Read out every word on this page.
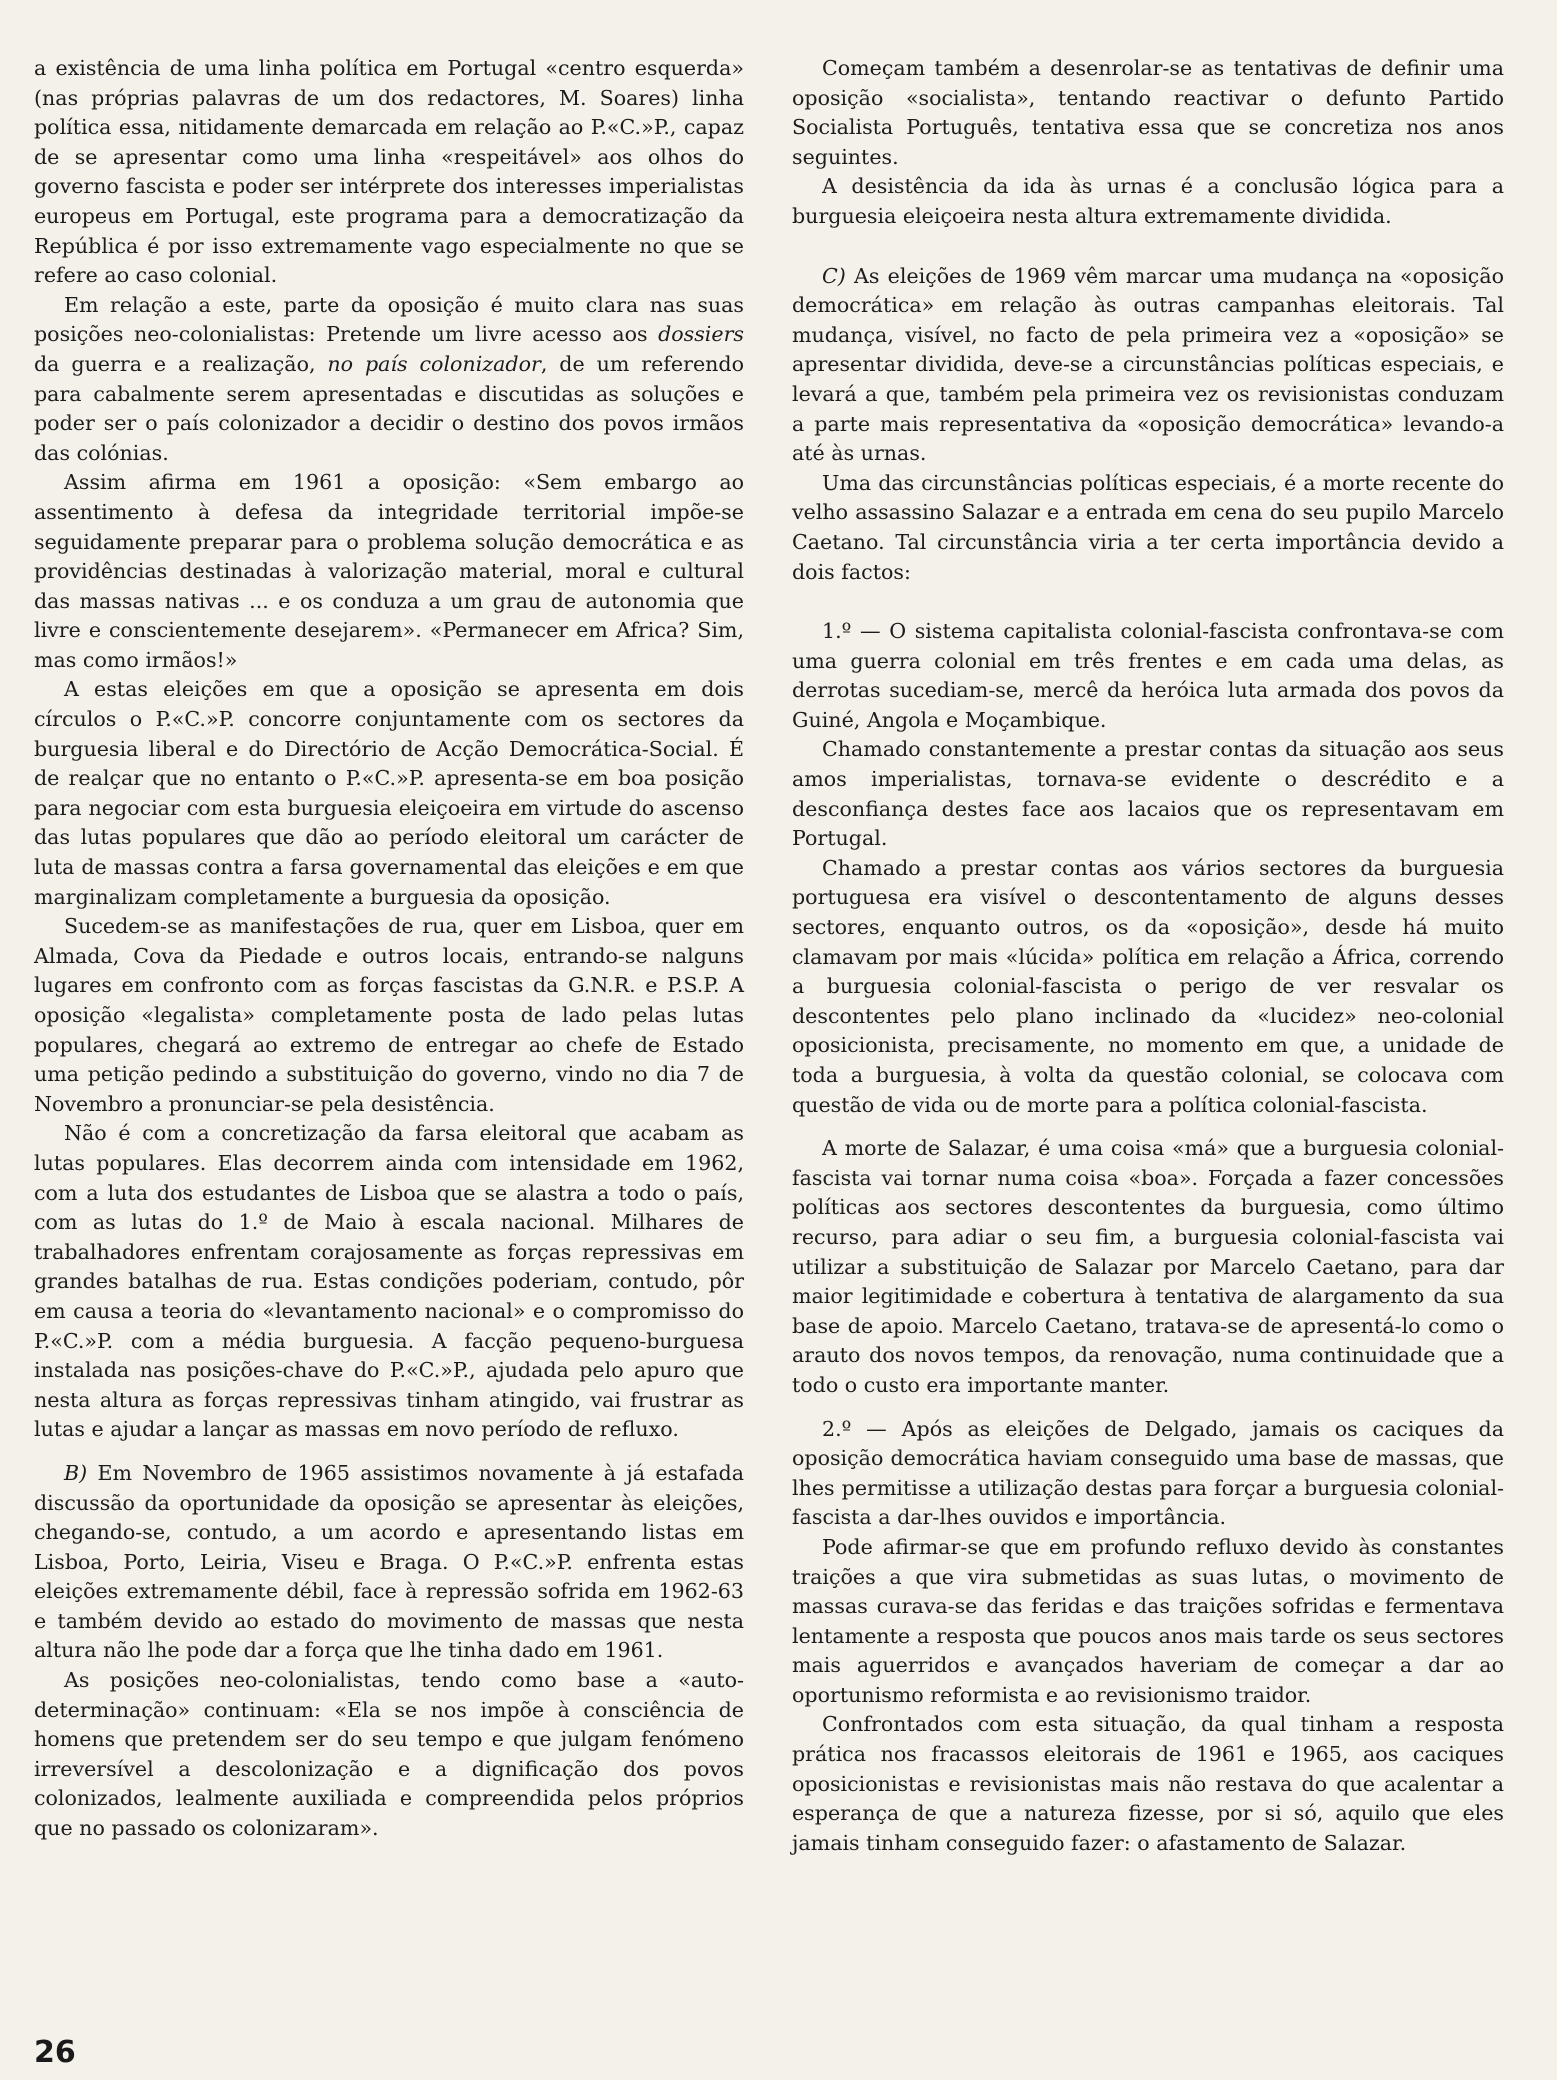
a existência de uma linha política em Portugal «centro esquerda» (nas próprias palavras de um dos redactores, M. Soares) linha política essa, nitidamente demarcada em relação ao P.«C.»P., capaz de se apresentar como uma linha «respeitável» aos olhos do governo fascista e poder ser intérprete dos interesses imperialistas europeus em Portugal, este programa para a democratização da República é por isso extremamente vago especialmente no que se refere ao caso colonial.

Em relação a este, parte da oposição é muito clara nas suas posições neo-colonialistas: Pretende um livre acesso aos dossiers da guerra e a realização, no país colonizador, de um referendo para cabalmente serem apresentadas e discutidas as soluções e poder ser o país colonizador a decidir o destino dos povos irmãos das colónias.

Assim afirma em 1961 a oposição: «Sem embargo ao assentimento à defesa da integridade territorial impõe-se seguidamente preparar para o problema solução democrática e as providências destinadas à valorização material, moral e cultural das massas nativas ... e os conduza a um grau de autonomia que livre e conscientemente desejarem». «Permanecer em Africa? Sim, mas como irmãos!»

A estas eleições em que a oposição se apresenta em dois círculos o P.«C.»P. concorre conjuntamente com os sectores da burguesia liberal e do Directório de Acção Democrática-Social. É de realçar que no entanto o P.«C.»P. apresenta-se em boa posição para negociar com esta burguesia eleiçoeira em virtude do ascenso das lutas populares que dão ao período eleitoral um carácter de luta de massas contra a farsa governamental das eleições e em que marginalizam completamente a burguesia da oposição.

Sucedem-se as manifestações de rua, quer em Lisboa, quer em Almada, Cova da Piedade e outros locais, entrando-se nalguns lugares em confronto com as forças fascistas da G.N.R. e P.S.P. A oposição «legalista» completamente posta de lado pelas lutas populares, chegará ao extremo de entregar ao chefe de Estado uma petição pedindo a substituição do governo, vindo no dia 7 de Novembro a pronunciar-se pela desistência.

Não é com a concretização da farsa eleitoral que acabam as lutas populares. Elas decorrem ainda com intensidade em 1962, com a luta dos estudantes de Lisboa que se alastra a todo o país, com as lutas do 1.º de Maio à escala nacional. Milhares de trabalhadores enfrentam corajosamente as forças repressivas em grandes batalhas de rua. Estas condições poderiam, contudo, pôr em causa a teoria do «levantamento nacional» e o compromisso do P.«C.»P. com a média burguesia. A facção pequeno-burguesa instalada nas posições-chave do P.«C.»P., ajudada pelo apuro que nesta altura as forças repressivas tinham atingido, vai frustrar as lutas e ajudar a lançar as massas em novo período de refluxo.

B) Em Novembro de 1965 assistimos novamente à já estafada discussão da oportunidade da oposição se apresentar às eleições, chegando-se, contudo, a um acordo e apresentando listas em Lisboa, Porto, Leiria, Viseu e Braga. O P.«C.»P. enfrenta estas eleições extremamente débil, face à repressão sofrida em 1962-63 e também devido ao estado do movimento de massas que nesta altura não lhe pode dar a força que lhe tinha dado em 1961.

As posições neo-colonialistas, tendo como base a «auto-determinação» continuam: «Ela se nos impõe à consciência de homens que pretendem ser do seu tempo e que julgam fenómeno irreversível a descolonização e a dignificação dos povos colonizados, lealmente auxiliada e compreendida pelos próprios que no passado os colonizaram».

Começam também a desenrolar-se as tentativas de definir uma oposição «socialista», tentando reactivar o defunto Partido Socialista Português, tentativa essa que se concretiza nos anos seguintes.

A desistência da ida às urnas é a conclusão lógica para a burguesia eleiçoeira nesta altura extremamente dividida.

C) As eleições de 1969 vêm marcar uma mudança na «oposição democrática» em relação às outras campanhas eleitorais. Tal mudança, visível, no facto de pela primeira vez a «oposição» se apresentar dividida, deve-se a circunstâncias políticas especiais, e levará a que, também pela primeira vez os revisionistas conduzam a parte mais representativa da «oposição democrática» levando-a até às urnas.

Uma das circunstâncias políticas especiais, é a morte recente do velho assassino Salazar e a entrada em cena do seu pupilo Marcelo Caetano. Tal circunstância viria a ter certa importância devido a dois factos:

1.º — O sistema capitalista colonial-fascista confrontava-se com uma guerra colonial em três frentes e em cada uma delas, as derrotas sucediam-se, mercê da heróica luta armada dos povos da Guiné, Angola e Moçambique.

Chamado constantemente a prestar contas da situação aos seus amos imperialistas, tornava-se evidente o descrédito e a desconfiança destes face aos lacaios que os representavam em Portugal.

Chamado a prestar contas aos vários sectores da burguesia portuguesa era visível o descontentamento de alguns desses sectores, enquanto outros, os da «oposição», desde há muito clamavam por mais «lúcida» política em relação a África, correndo a burguesia colonial-fascista o perigo de ver resvalar os descontentes pelo plano inclinado da «lucidez» neo-colonial oposicionista, precisamente, no momento em que, a unidade de toda a burguesia, à volta da questão colonial, se colocava com questão de vida ou de morte para a política colonial-fascista.

A morte de Salazar, é uma coisa «má» que a burguesia colonial-fascista vai tornar numa coisa «boa». Forçada a fazer concessões políticas aos sectores descontentes da burguesia, como último recurso, para adiar o seu fim, a burguesia colonial-fascista vai utilizar a substituição de Salazar por Marcelo Caetano, para dar maior legitimidade e cobertura à tentativa de alargamento da sua base de apoio. Marcelo Caetano, tratava-se de apresentá-lo como o arauto dos novos tempos, da renovação, numa continuidade que a todo o custo era importante manter.

2.º — Após as eleições de Delgado, jamais os caciques da oposição democrática haviam conseguido uma base de massas, que lhes permitisse a utilização destas para forçar a burguesia colonial-fascista a dar-lhes ouvidos e importância.

Pode afirmar-se que em profundo refluxo devido às constantes traições a que vira submetidas as suas lutas, o movimento de massas curava-se das feridas e das traições sofridas e fermentava lentamente a resposta que poucos anos mais tarde os seus sectores mais aguerridos e avançados haveriam de começar a dar ao oportunismo reformista e ao revisionismo traidor.

Confrontados com esta situação, da qual tinham a resposta prática nos fracassos eleitorais de 1961 e 1965, aos caciques oposicionistas e revisionistas mais não restava do que acalentar a esperança de que a natureza fizesse, por si só, aquilo que eles jamais tinham conseguido fazer: o afastamento de Salazar.

26
